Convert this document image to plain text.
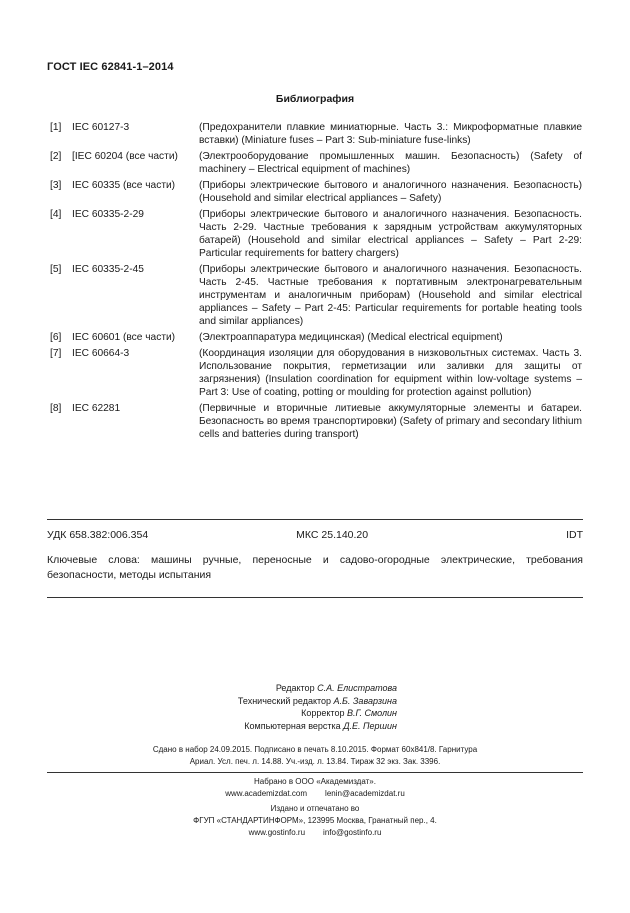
ГОСТ IEC 62841-1–2014
Библиография
[1]	IEC 60127-3	(Предохранители плавкие миниатюрные. Часть 3.: Микроформатные плавкие вставки) (Miniature fuses – Part 3: Sub-miniature fuse-links)
[2]	[IEC 60204 (все части)	(Электрооборудование промышленных машин. Безопасность) (Safety of machinery – Electrical equipment of machines)
[3]	IEC 60335 (все части)	(Приборы электрические бытового и аналогичного назначения. Безопасность) (Household and similar electrical appliances – Safety)
[4]	IEC 60335-2-29	(Приборы электрические бытового и аналогичного назначения. Безопасность. Часть 2-29. Частные требования к зарядным устройствам аккумуляторных батарей) (Household and similar electrical appliances – Safety – Part 2-29: Particular requirements for battery chargers)
[5]	IEC 60335-2-45	(Приборы электрические бытового и аналогичного назначения. Безопасность. Часть 2-45. Частные требования к портативным электронагревательным инструментам и аналогичным приборам) (Household and similar electrical appliances – Safety – Part 2-45: Particular requirements for portable heating tools and similar appliances)
[6]	IEC 60601 (все части)	(Электроаппаратура медицинская) (Medical electrical equipment)
[7]	IEC 60664-3	(Координация изоляции для оборудования в низковольтных системах. Часть 3. Использование покрытия, герметизации или заливки для защиты от загрязнения) (Insulation coordination for equipment within low-voltage systems – Part 3: Use of coating, potting or moulding for protection against pollution)
[8]	IEC 62281	(Первичные и вторичные литиевые аккумуляторные элементы и батареи. Безопасность во время транспортировки) (Safety of primary and secondary lithium cells and batteries during transport)
УДК 658.382:006.354	МКС 25.140.20	IDT
Ключевые слова: машины ручные, переносные и садово-огородные электрические, требования безопасности, методы испытания
Редактор С.А. Елистратова
Технический редактор А.Б. Заварзина
Корректор В.Г. Смолин
Компьютерная верстка Д.Е. Першин
Сдано в набор 24.09.2015. Подписано в печать 8.10.2015. Формат 60x841/8. Гарнитура
Ариал. Усл. печ. л. 14.88. Уч.-изд. л. 13.84. Тираж 32 экз. Зак. 3396.
Набрано в ООО «Академиздат».
www.academizdat.com lenin@academizdat.ru
Издано и отпечатано во
ФГУП «СТАНДАРТИНФОРМ», 123995 Москва, Гранатный пер., 4.
www.gostinfo.ru info@gostinfo.ru
